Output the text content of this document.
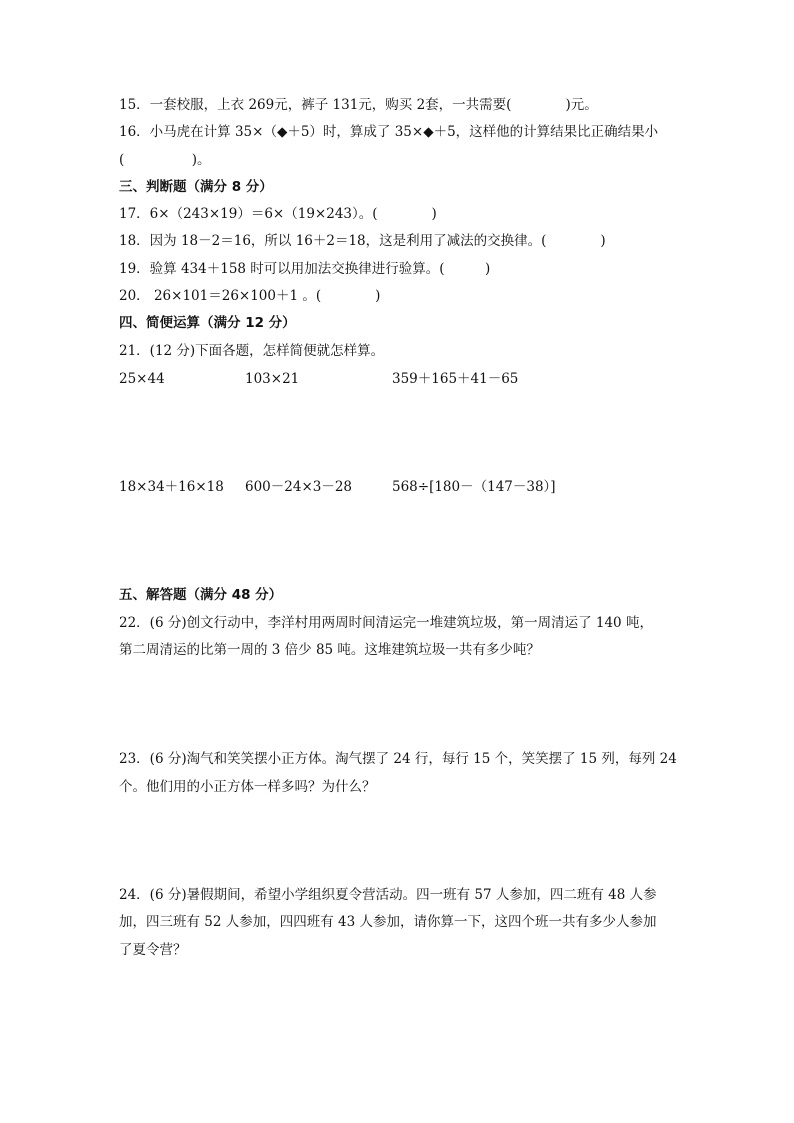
15．一套校服，上衣 269元，裤子 131元，购买 2套，一共需要(　　　　)元。
16．小马虎在计算 35×（◆＋5）时，算成了 35×◆＋5，这样他的计算结果比正确结果小
(　　　　　)。
三、判断题（满分 8 分）
17．6×（243×19）＝6×（19×243）。(　　　　)
18．因为 18－2＝16，所以 16＋2＝18，这是利用了减法的交换律。(　　　　)
19．验算 434＋158 时可以用加法交换律进行验算。(　　　)
20． 26×101＝26×100＋1 。(　　　　)
四、简便运算（满分 12 分）
21．(12 分)下面各题，怎样简便就怎样算。
25×44	103×21	359＋165＋41－65
18×34＋16×18 600－24×3－28	568÷[180－（147－38）]
五、解答题（满分 48 分）
22．(6 分)创文行动中，李洋村用两周时间清运完一堆建筑垃圾，第一周清运了 140 吨，
第二周清运的比第一周的 3 倍少 85 吨。这堆建筑垃圾一共有多少吨？
23．(6 分)淘气和笑笑摆小正方体。淘气摆了 24 行，每行 15 个，笑笑摆了 15 列，每列 24
个。他们用的小正方体一样多吗？为什么？
24．(6 分)暑假期间，希望小学组织夏令营活动。四一班有 57 人参加，四二班有 48 人参
加，四三班有 52 人参加，四四班有 43 人参加，请你算一下，这四个班一共有多少人参加
了夏令营？
